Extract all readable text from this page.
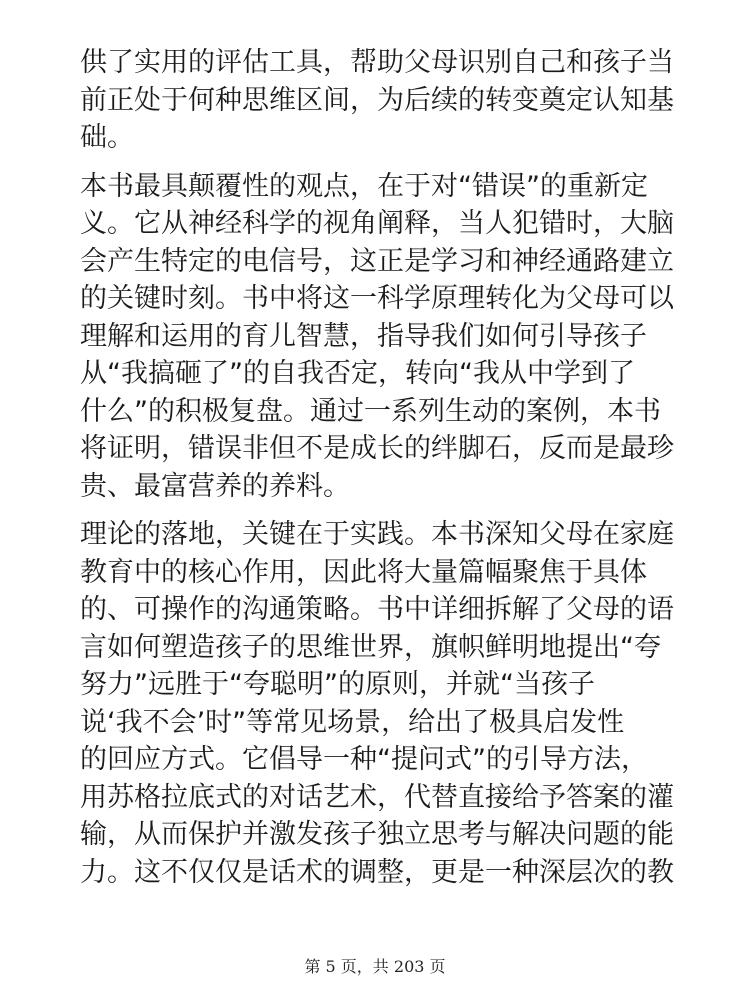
供了实用的评估工具，帮助父母识别自己和孩子当
前正处于何种思维区间，为后续的转变奠定认知基
础。
本书最具颠覆性的观点，在于对“错误”的重新定
义。它从神经科学的视角阐释，当人犯错时，大脑
会产生特定的电信号，这正是学习和神经通路建立
的关键时刻。书中将这一科学原理转化为父母可以
理解和运用的育儿智慧，指导我们如何引导孩子
从“我搞砸了”的自我否定，转向“我从中学到了
什么”的积极复盘。通过一系列生动的案例，本书
将证明，错误非但不是成长的绊脚石，反而是最珍
贵、最富营养的养料。
理论的落地，关键在于实践。本书深知父母在家庭
教育中的核心作用，因此将大量篇幅聚焦于具体
的、可操作的沟通策略。书中详细拆解了父母的语
言如何塑造孩子的思维世界，旗帜鲜明地提出“夸
努力”远胜于“夸聪明”的原则，并就“当孩子
说‘我不会’时”等常见场景，给出了极具启发性
的回应方式。它倡导一种“提问式”的引导方法，
用苏格拉底式的对话艺术，代替直接给予答案的灌
输，从而保护并激发孩子独立思考与解决问题的能
力。这不仅仅是话术的调整，更是一种深层次的教
第 5 页，共 203 页
